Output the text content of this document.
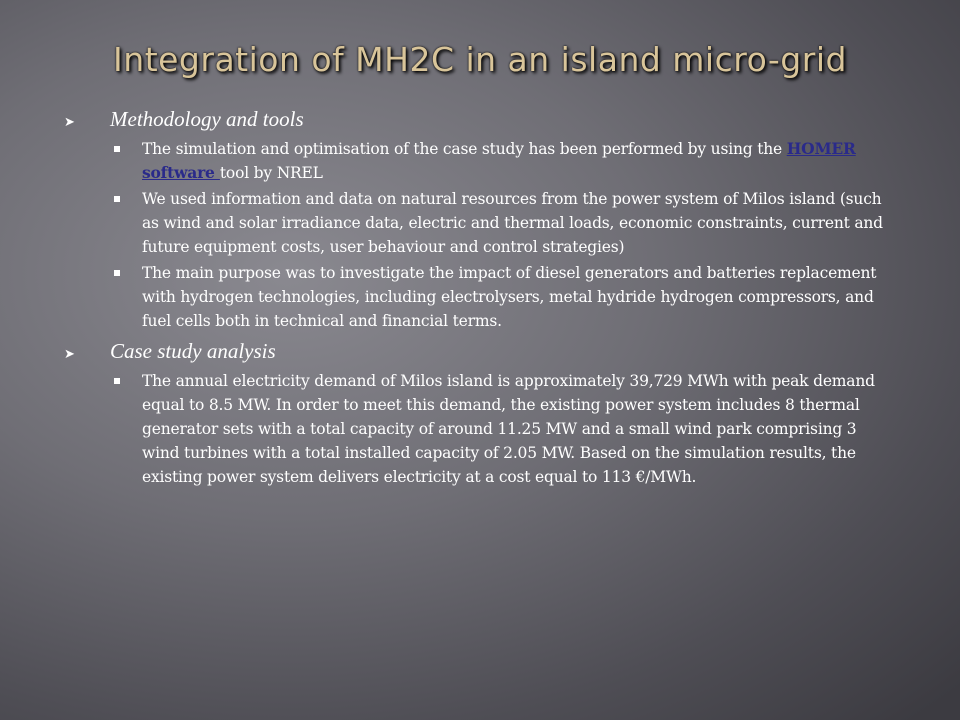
Integration of MH2C in an island micro-grid
➤	Methodology and tools
The simulation and optimisation of the case study has been performed by using the HOMER software tool by NREL
We used information and data on natural resources from the power system of Milos island (such as wind and solar irradiance data, electric and thermal loads, economic constraints, current and future equipment costs, user behaviour and control strategies)
The main purpose was to investigate the impact of diesel generators and batteries replacement with hydrogen technologies, including electrolysers, metal hydride hydrogen compressors, and fuel cells both in technical and financial terms.
➤	Case study analysis
The annual electricity demand of Milos island is approximately 39,729 MWh with peak demand equal to 8.5 MW. In order to meet this demand, the existing power system includes 8 thermal generator sets with a total capacity of around 11.25 MW and a small wind park comprising 3 wind turbines with a total installed capacity of 2.05 MW. Based on the simulation results, the existing power system delivers electricity at a cost equal to 113 €/MWh.
